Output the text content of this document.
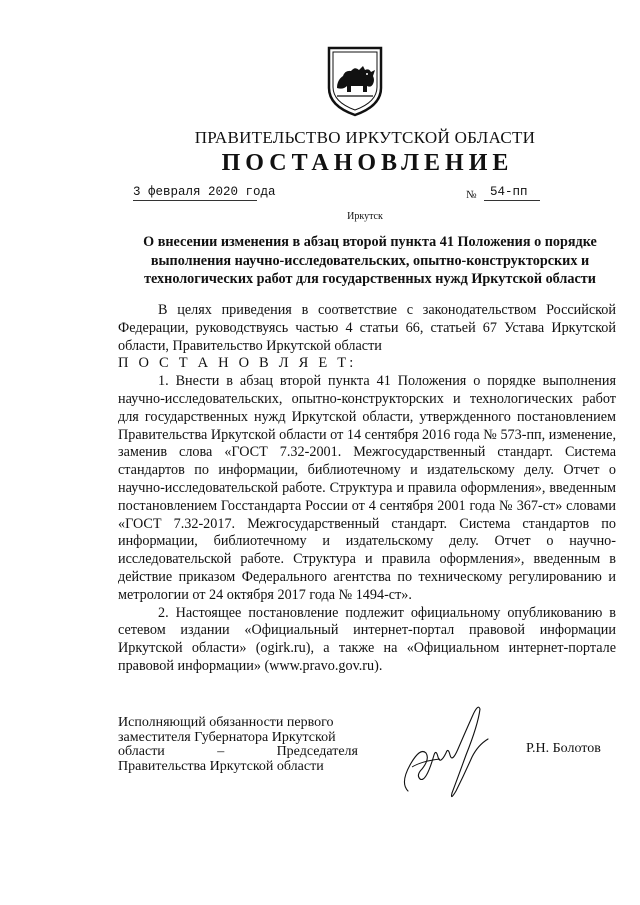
ПРАВИТЕЛЬСТВО ИРКУТСКОЙ ОБЛАСТИ
ПОСТАНОВЛЕНИЕ
3 февраля 2020 года	№	54-пп
Иркутск
О внесении изменения в абзац второй пункта 41 Положения о порядке выполнения научно-исследовательских, опытно-конструкторских и технологических работ для государственных нужд Иркутской области

В целях приведения в соответствие с законодательством Российской Федерации, руководствуясь частью 4 статьи 66, статьей 67 Устава Иркутской области, Правительство Иркутской области

П О С Т А Н О В Л Я Е Т:

1. Внести в абзац второй пункта 41 Положения о порядке выполнения научно-исследовательских, опытно-конструкторских и технологических работ для государственных нужд Иркутской области, утвержденного постановлением Правительства Иркутской области от 14 сентября 2016 года № 573-пп, изменение, заменив слова «ГОСТ 7.32-2001. Межгосударственный стандарт. Система стандартов по информации, библиотечному и издательскому делу. Отчет о научно-исследовательской работе. Структура и правила оформления», введенным постановлением Госстандарта России от 4 сентября 2001 года № 367-ст» словами «ГОСТ 7.32-2017. Межгосударственный стандарт. Система стандартов по информации, библиотечному и издательскому делу. Отчет о научно-исследовательской работе. Структура и правила оформления», введенным в действие приказом Федерального агентства по техническому регулированию и метрологии от 24 октября 2017 года № 1494-ст».

2. Настоящее постановление подлежит официальному опубликованию в сетевом издании «Официальный интернет-портал правовой информации Иркутской области» (ogirk.ru), а также на «Официальном интернет-портале правовой информации» (www.pravo.gov.ru).

Исполняющий обязанности первого
заместителя Губернатора Иркутской
области	–	Председателя
Правительства Иркутской области
Р.Н. Болотов
